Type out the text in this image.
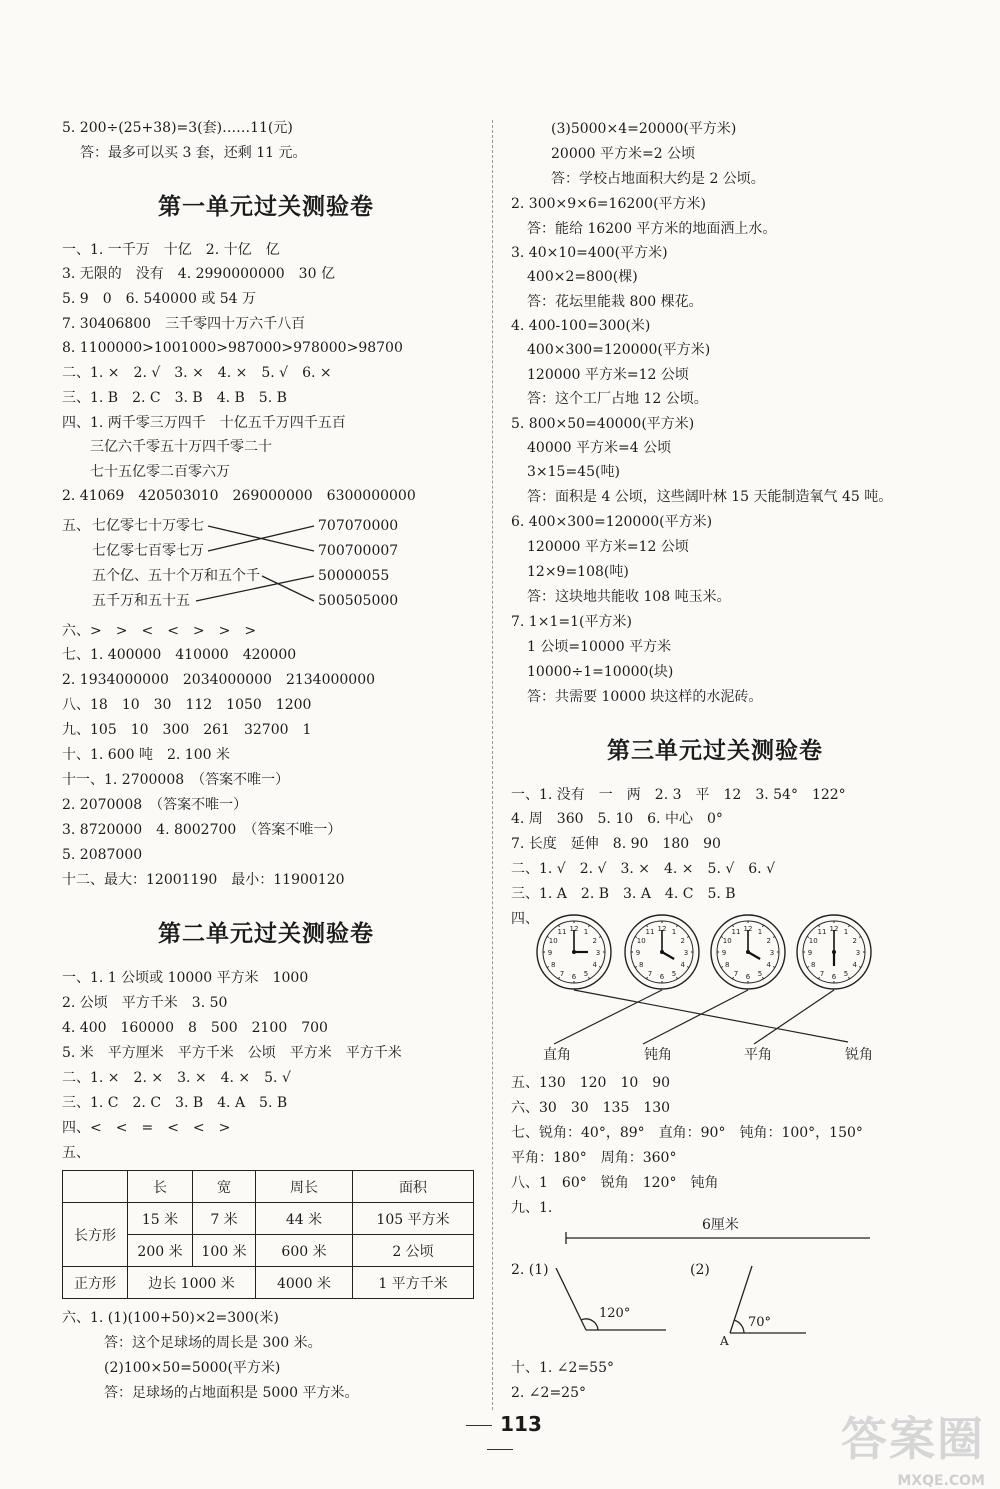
5. 200÷(25+38)=3(套)……11(元)
答：最多可以买 3 套，还剩 11 元。
第一单元过关测验卷
一、1. 一千万　十亿　2. 十亿　亿
3. 无限的　没有　4. 2990000000　30 亿
5. 9　0　6. 540000 或 54 万
7. 30406800　三千零四十万六千八百
8. 1100000>1001000>987000>978000>98700
二、1. ×　2. √　3. ×　4. ×　5. √　6. ×
三、1. B　2. C　3. B　4. B　5. B
四、1. 两千零三万四千　十亿五千万四千五百
三亿六千零五十万四千零二十
七十五亿零二百零六万
2. 41069　420503010　269000000　6300000000
五、 七亿零七十万零七
七亿零七百零七万
五个亿、五十个万和五个千
五千万和五十五
707070000
700700007
50000055
500505000
六、>　>　<　<　>　>　>
七、1. 400000　410000　420000
2. 1934000000　2034000000　2134000000
八、18　10　30　112　1050　1200
九、105　10　300　261　32700　1
十、1. 600 吨　2. 100 米
十一、1. 2700008　（答案不唯一）
2. 2070008　（答案不唯一）
3. 8720000　4. 8002700　（答案不唯一）
5. 2087000
十二、最大：12001190　最小：11900120
第二单元过关测验卷
一、1. 1 公顷或 10000 平方米　1000
2. 公顷　平方千米　3. 50
4. 400　160000　8　500　2100　700
5. 米　平方厘米　平方千米　公顷　平方米　平方千米
二、1. ×　2. ×　3. ×　4. ×　5. √
三、1. C　2. C　3. B　4. A　5. B
四、<　<　=　<　<　>
五、
	长	宽	周长	面积
长方形	15 米	7 米	44 米	105 平方米
	200 米	100 米	600 米	2 公顷
正方形	边长 1000 米		4000 米	1 平方千米
六、1. (1)(100+50)×2=300(米)
答：这个足球场的周长是 300 米。
(2)100×50=5000(平方米)
答：足球场的占地面积是 5000 平方米。
(3)5000×4=20000(平方米)
20000 平方米=2 公顷
答：学校占地面积大约是 2 公顷。
2. 300×9×6=16200(平方米)
答：能给 16200 平方米的地面洒上水。
3. 40×10=400(平方米)
400×2=800(棵)
答：花坛里能栽 800 棵花。
4. 400-100=300(米)
400×300=120000(平方米)
120000 平方米=12 公顷
答：这个工厂占地 12 公顷。
5. 800×50=40000(平方米)
40000 平方米=4 公顷
3×15=45(吨)
答：面积是 4 公顷，这些阔叶林 15 天能制造氧气 45 吨。
6. 400×300=120000(平方米)
120000 平方米=12 公顷
12×9=108(吨)
答：这块地共能收 108 吨玉米。
7. 1×1=1(平方米)
1 公顷=10000 平方米
10000÷1=10000(块)
答：共需要 10000 块这样的水泥砖。
第三单元过关测验卷
一、1. 没有　一　两　2. 3　平　12　3. 54°　122°
4. 周　360　5. 10　6. 中心　0°
7. 长度　延伸　8. 90　180　90
二、1. √　2. √　3. ×　4. ×　5. √　6. √
三、1. A　2. B　3. A　4. C　5. B
四、
1
2
3
4
5
6
7
8
9
10
11 12	1
2
3
4
5
6
7
8
9
10
11 12	1
2
3
4
5
6
7
8
9
10
11 12	1
2
3
4
5
6
7
8
9
10
11 12
直角	钝角	平角	锐角
五、130　120　10　90
六、30　30　135　130
七、锐角：40°，89°　直角：90°　钝角：100°，150°
平角：180°　周角：360°
八、1　60°　锐角　120°　钝角
九、1.
6厘米
2. (1)	(2)
120°
70°
A
十、1. ∠2=55°
2. ∠2=25°
113	答案圈
MXQE.COM
